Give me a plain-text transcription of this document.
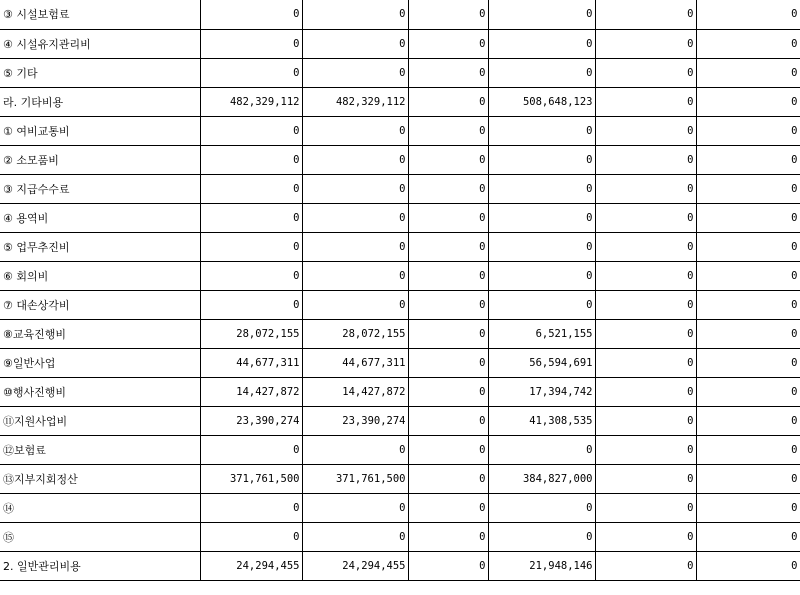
③ 시설보험료	0	0	0	0	0	0
④ 시설유지관리비	0	0	0	0	0	0
⑤ 기타	0	0	0	0	0	0
라. 기타비용	482,329,112	482,329,112	0	508,648,123	0	0
① 여비교통비	0	0	0	0	0	0
② 소모품비	0	0	0	0	0	0
③ 지급수수료	0	0	0	0	0	0
④ 용역비	0	0	0	0	0	0
⑤ 업무추진비	0	0	0	0	0	0
⑥ 회의비	0	0	0	0	0	0
⑦ 대손상각비	0	0	0	0	0	0
⑧교육진행비	28,072,155	28,072,155	0	6,521,155	0	0
⑨일반사업	44,677,311	44,677,311	0	56,594,691	0	0
⑩행사진행비	14,427,872	14,427,872	0	17,394,742	0	0
⑪지원사업비	23,390,274	23,390,274	0	41,308,535	0	0
⑫보험료	0	0	0	0	0	0
⑬지부지회정산	371,761,500	371,761,500	0	384,827,000	0	0
⑭	0	0	0	0	0	0
⑮	0	0	0	0	0	0
2. 일반관리비용	24,294,455	24,294,455	0	21,948,146	0	0
